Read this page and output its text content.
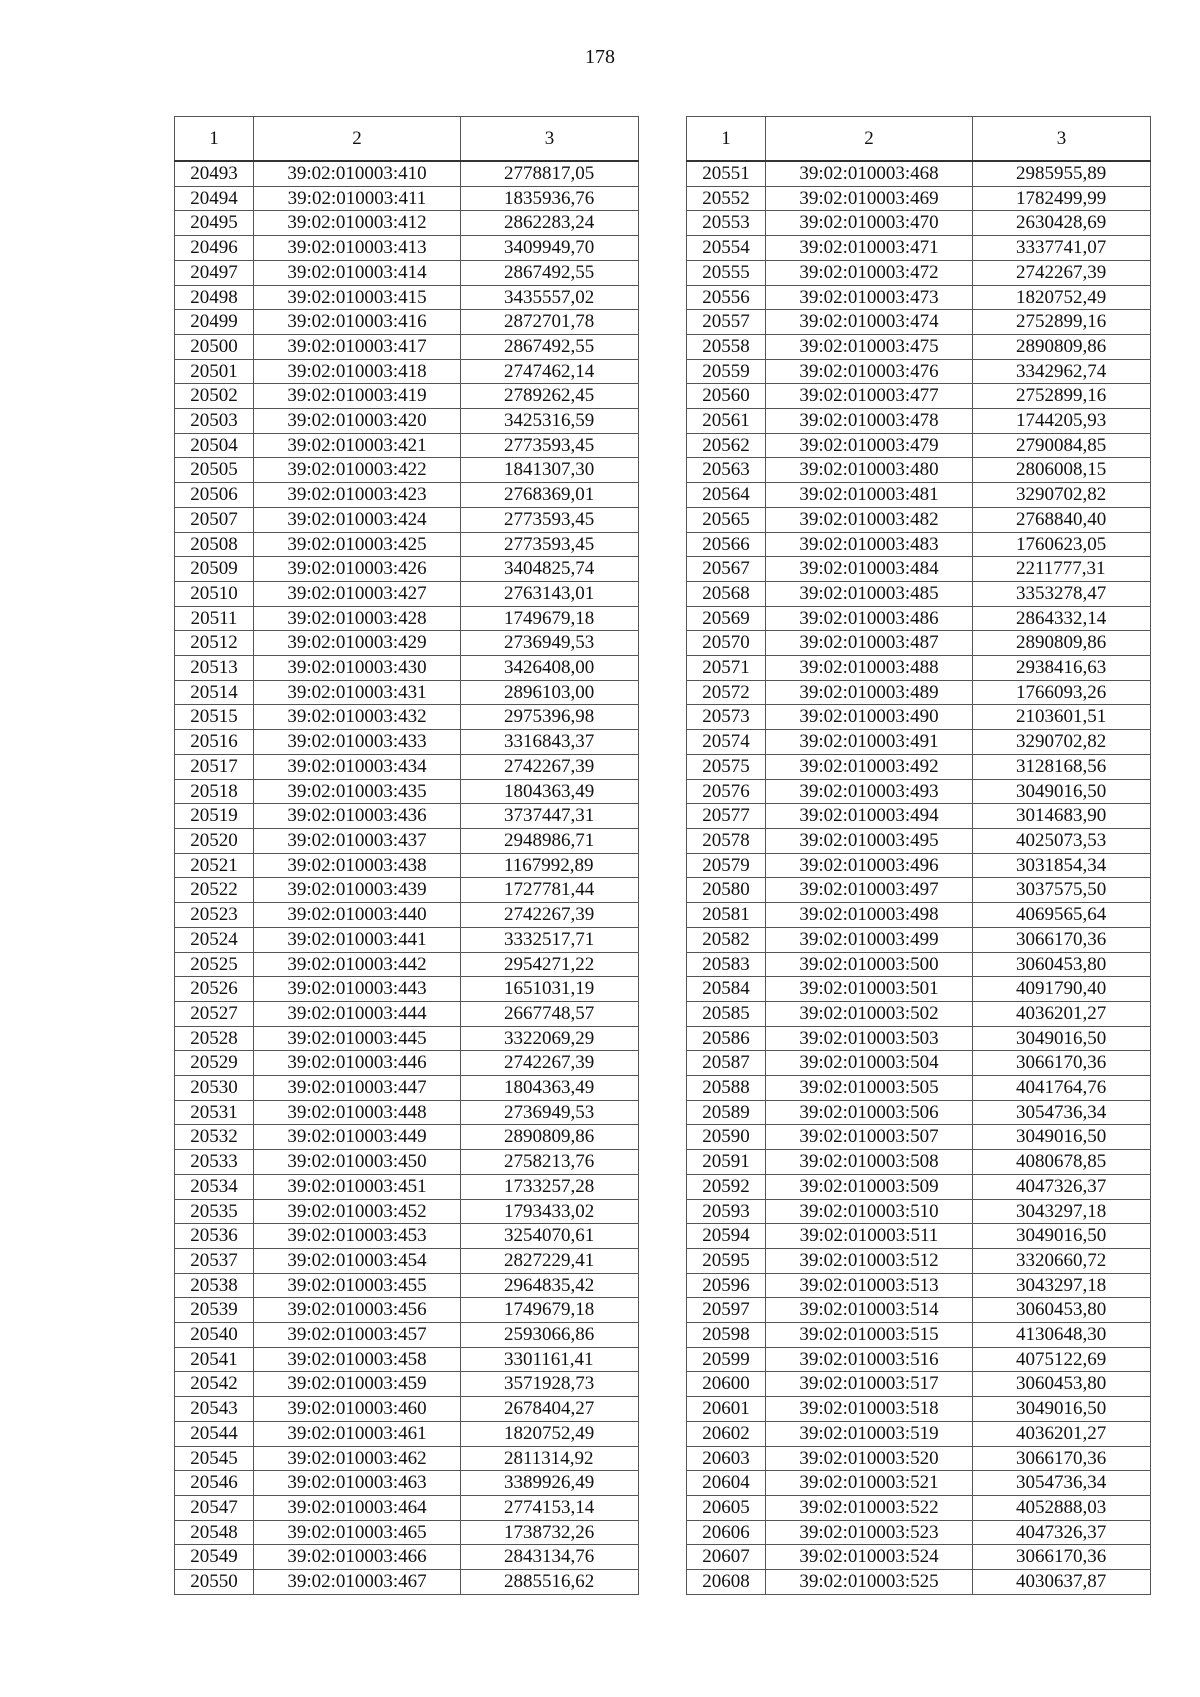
178
1	2	3
20493	39:02:010003:410	2778817,05
20494	39:02:010003:411	1835936,76
20495	39:02:010003:412	2862283,24
20496	39:02:010003:413	3409949,70
20497	39:02:010003:414	2867492,55
20498	39:02:010003:415	3435557,02
20499	39:02:010003:416	2872701,78
20500	39:02:010003:417	2867492,55
20501	39:02:010003:418	2747462,14
20502	39:02:010003:419	2789262,45
20503	39:02:010003:420	3425316,59
20504	39:02:010003:421	2773593,45
20505	39:02:010003:422	1841307,30
20506	39:02:010003:423	2768369,01
20507	39:02:010003:424	2773593,45
20508	39:02:010003:425	2773593,45
20509	39:02:010003:426	3404825,74
20510	39:02:010003:427	2763143,01
20511	39:02:010003:428	1749679,18
20512	39:02:010003:429	2736949,53
20513	39:02:010003:430	3426408,00
20514	39:02:010003:431	2896103,00
20515	39:02:010003:432	2975396,98
20516	39:02:010003:433	3316843,37
20517	39:02:010003:434	2742267,39
20518	39:02:010003:435	1804363,49
20519	39:02:010003:436	3737447,31
20520	39:02:010003:437	2948986,71
20521	39:02:010003:438	1167992,89
20522	39:02:010003:439	1727781,44
20523	39:02:010003:440	2742267,39
20524	39:02:010003:441	3332517,71
20525	39:02:010003:442	2954271,22
20526	39:02:010003:443	1651031,19
20527	39:02:010003:444	2667748,57
20528	39:02:010003:445	3322069,29
20529	39:02:010003:446	2742267,39
20530	39:02:010003:447	1804363,49
20531	39:02:010003:448	2736949,53
20532	39:02:010003:449	2890809,86
20533	39:02:010003:450	2758213,76
20534	39:02:010003:451	1733257,28
20535	39:02:010003:452	1793433,02
20536	39:02:010003:453	3254070,61
20537	39:02:010003:454	2827229,41
20538	39:02:010003:455	2964835,42
20539	39:02:010003:456	1749679,18
20540	39:02:010003:457	2593066,86
20541	39:02:010003:458	3301161,41
20542	39:02:010003:459	3571928,73
20543	39:02:010003:460	2678404,27
20544	39:02:010003:461	1820752,49
20545	39:02:010003:462	2811314,92
20546	39:02:010003:463	3389926,49
20547	39:02:010003:464	2774153,14
20548	39:02:010003:465	1738732,26
20549	39:02:010003:466	2843134,76
20550	39:02:010003:467	2885516,62
1	2	3
20551	39:02:010003:468	2985955,89
20552	39:02:010003:469	1782499,99
20553	39:02:010003:470	2630428,69
20554	39:02:010003:471	3337741,07
20555	39:02:010003:472	2742267,39
20556	39:02:010003:473	1820752,49
20557	39:02:010003:474	2752899,16
20558	39:02:010003:475	2890809,86
20559	39:02:010003:476	3342962,74
20560	39:02:010003:477	2752899,16
20561	39:02:010003:478	1744205,93
20562	39:02:010003:479	2790084,85
20563	39:02:010003:480	2806008,15
20564	39:02:010003:481	3290702,82
20565	39:02:010003:482	2768840,40
20566	39:02:010003:483	1760623,05
20567	39:02:010003:484	2211777,31
20568	39:02:010003:485	3353278,47
20569	39:02:010003:486	2864332,14
20570	39:02:010003:487	2890809,86
20571	39:02:010003:488	2938416,63
20572	39:02:010003:489	1766093,26
20573	39:02:010003:490	2103601,51
20574	39:02:010003:491	3290702,82
20575	39:02:010003:492	3128168,56
20576	39:02:010003:493	3049016,50
20577	39:02:010003:494	3014683,90
20578	39:02:010003:495	4025073,53
20579	39:02:010003:496	3031854,34
20580	39:02:010003:497	3037575,50
20581	39:02:010003:498	4069565,64
20582	39:02:010003:499	3066170,36
20583	39:02:010003:500	3060453,80
20584	39:02:010003:501	4091790,40
20585	39:02:010003:502	4036201,27
20586	39:02:010003:503	3049016,50
20587	39:02:010003:504	3066170,36
20588	39:02:010003:505	4041764,76
20589	39:02:010003:506	3054736,34
20590	39:02:010003:507	3049016,50
20591	39:02:010003:508	4080678,85
20592	39:02:010003:509	4047326,37
20593	39:02:010003:510	3043297,18
20594	39:02:010003:511	3049016,50
20595	39:02:010003:512	3320660,72
20596	39:02:010003:513	3043297,18
20597	39:02:010003:514	3060453,80
20598	39:02:010003:515	4130648,30
20599	39:02:010003:516	4075122,69
20600	39:02:010003:517	3060453,80
20601	39:02:010003:518	3049016,50
20602	39:02:010003:519	4036201,27
20603	39:02:010003:520	3066170,36
20604	39:02:010003:521	3054736,34
20605	39:02:010003:522	4052888,03
20606	39:02:010003:523	4047326,37
20607	39:02:010003:524	3066170,36
20608	39:02:010003:525	4030637,87
